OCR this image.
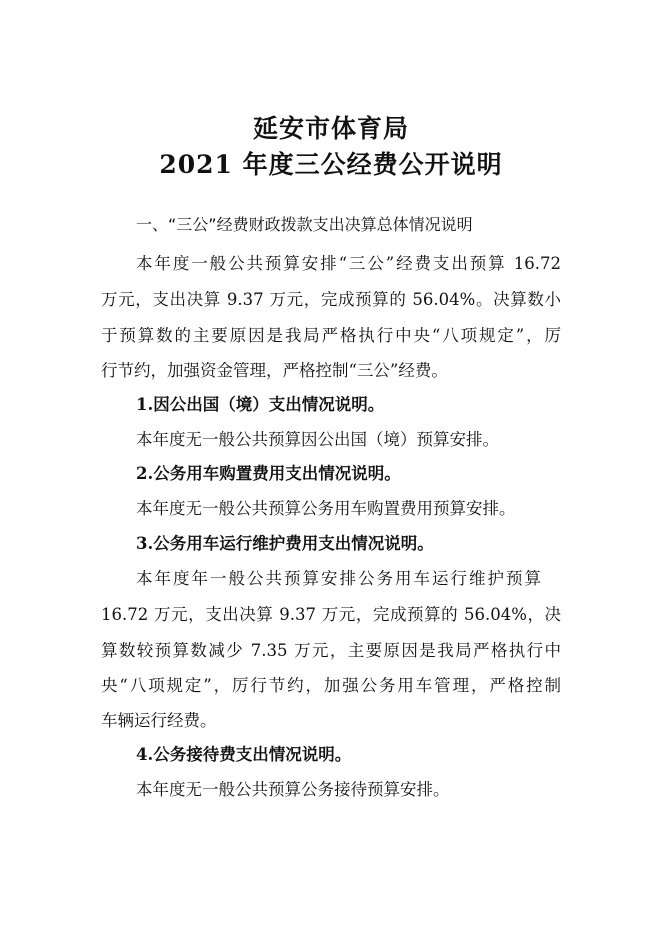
延安市体育局
2021 年度三公经费公开说明
一、“三公”经费财政拨款支出决算总体情况说明
本年度一般公共预算安排“三公”经费支出预算 16.72
万元，支出决算 9.37 万元，完成预算的 56.04%。决算数小
于预算数的主要原因是我局严格执行中央“八项规定”，厉
行节约，加强资金管理，严格控制“三公”经费。
1.因公出国（境）支出情况说明。
本年度无一般公共预算因公出国（境）预算安排。
2.公务用车购置费用支出情况说明。
本年度无一般公共预算公务用车购置费用预算安排。
3.公务用车运行维护费用支出情况说明。
本年度年一般公共预算安排公务用车运行维护预算
16.72 万元，支出决算 9.37 万元，完成预算的 56.04%，决
算数较预算数减少 7.35 万元，主要原因是我局严格执行中
央“八项规定”，厉行节约，加强公务用车管理，严格控制
车辆运行经费。
4.公务接待费支出情况说明。
本年度无一般公共预算公务接待预算安排。
